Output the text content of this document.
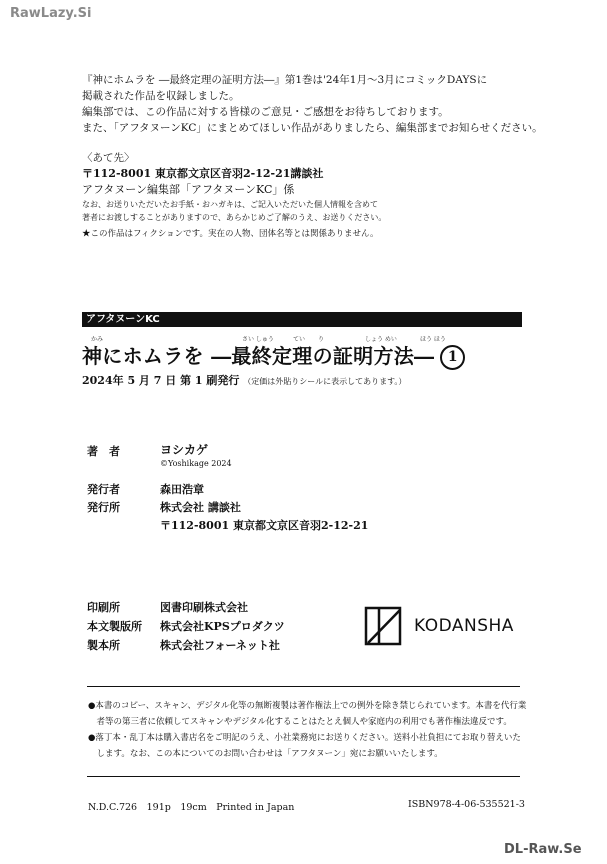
RawLazy.Si
『神にホムラを ―最終定理の証明方法―』第1巻は'24年1月～3月にコミックDAYSに
掲載された作品を収録しました。
編集部では、この作品に対する皆様のご意見・ご感想をお待ちしております。
また、「アフタヌーンKC」にまとめてほしい作品がありましたら、編集部までお知らせください。
〈あて先〉
〒112-8001 東京都文京区音羽2-12-21講談社
アフタヌーン編集部「アフタヌーンKC」係
なお、お送りいただいたお手紙・おハガキは、ご記入いただいた個人情報を含めて
著者にお渡しすることがありますので、あらかじめご了解のうえ、お送りください。
★この作品はフィクションです。実在の人物、団体名等とは関係ありません。
アフタヌーンKC
かみ	さい しゅう	てい り	しょう めい	ほう ほう
神にホムラを ―最終定理の証明方法― 1
2024年 5 月 7 日 第 1 刷発行 （定価は外貼りシールに表示してあります。）
著　者	ヨシカゲ
©Yoshikage 2024
発行者	森田浩章
発行所	株式会社 講談社
〒112-8001 東京都文京区音羽2-12-21
印刷所	図書印刷株式会社
本文製版所 株式会社KPSプロダクツ
製本所	株式会社フォーネット社
KODANSHA
●本書のコピー、スキャン、デジタル化等の無断複製は著作権法上での例外を除き禁じられています。本書を代行業
　者等の第三者に依頼してスキャンやデジタル化することはたとえ個人や家庭内の利用でも著作権法違反です。
●落丁本・乱丁本は購入書店名をご明記のうえ、小社業務宛にお送りください。送料小社負担にてお取り替えいた
　します。なお、この本についてのお問い合わせは「アフタヌーン」宛にお願いいたします。
N.D.C.726　191p　19cm　Printed in Japan	ISBN978-4-06-535521-3
DL-Raw.Se
